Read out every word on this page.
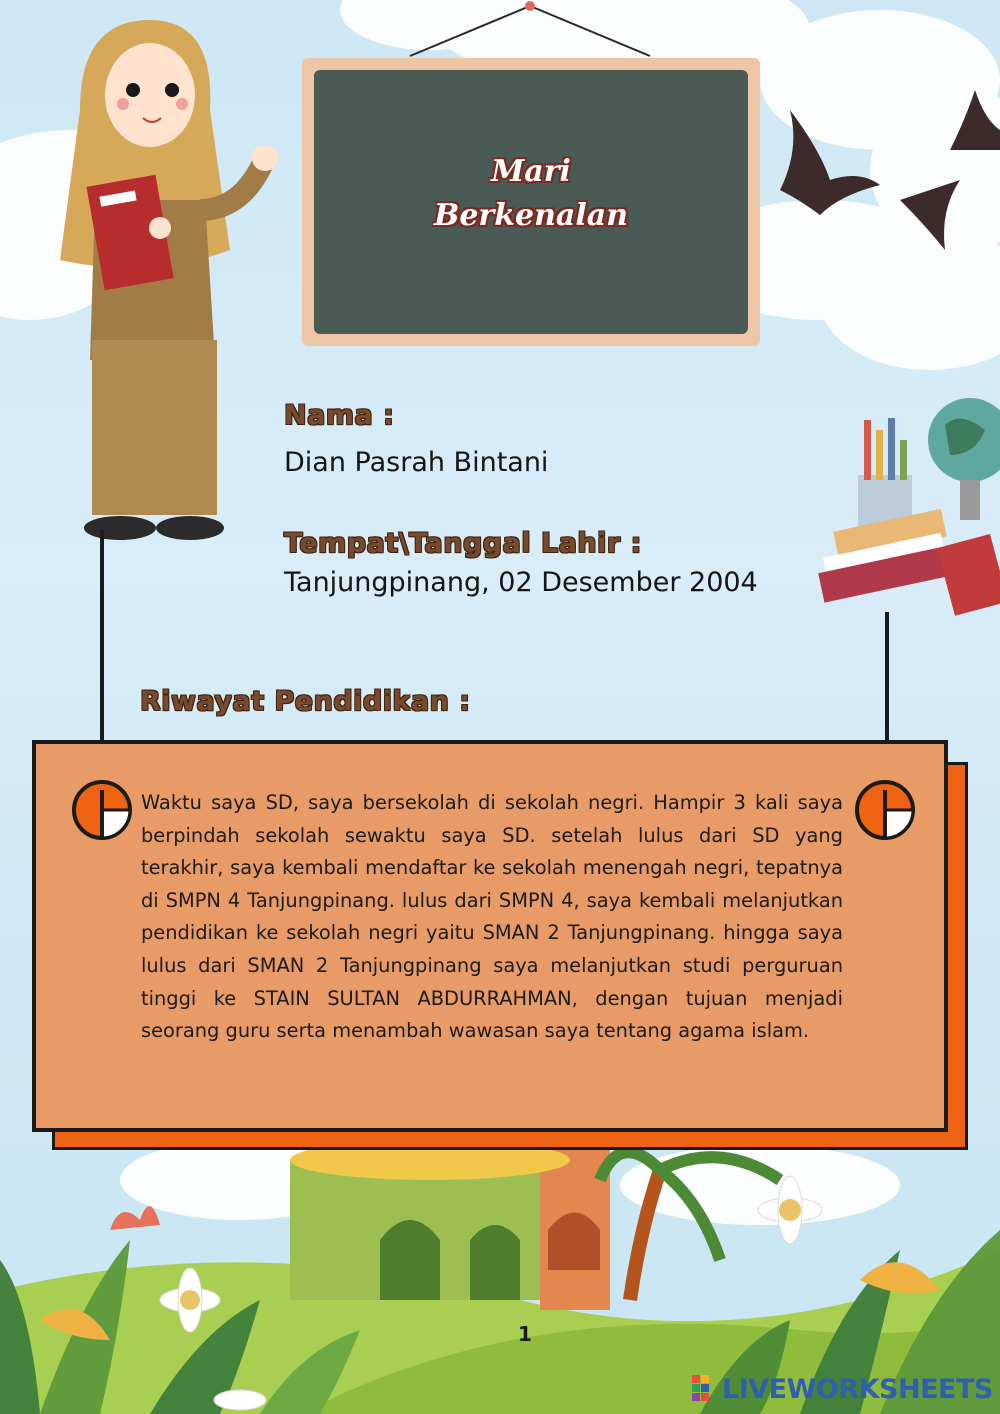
Mari
Berkenalan
Nama :
Dian Pasrah Bintani
Tempat\Tanggal Lahir :
Tanjungpinang, 02 Desember 2004
Riwayat Pendidikan :
Waktu saya SD, saya bersekolah di sekolah negri. Hampir 3 kali saya berpindah sekolah sewaktu saya SD. setelah lulus dari SD yang terakhir, saya kembali mendaftar ke sekolah menengah negri, tepatnya di SMPN 4 Tanjungpinang. lulus dari SMPN 4, saya kembali melanjutkan pendidikan ke sekolah negri yaitu SMAN 2 Tanjungpinang. hingga saya lulus dari SMAN 2 Tanjungpinang saya melanjutkan studi perguruan tinggi ke STAIN SULTAN ABDURRAHMAN, dengan tujuan menjadi seorang guru serta menambah wawasan saya tentang agama islam.
1
LIVEWORKSHEETS
